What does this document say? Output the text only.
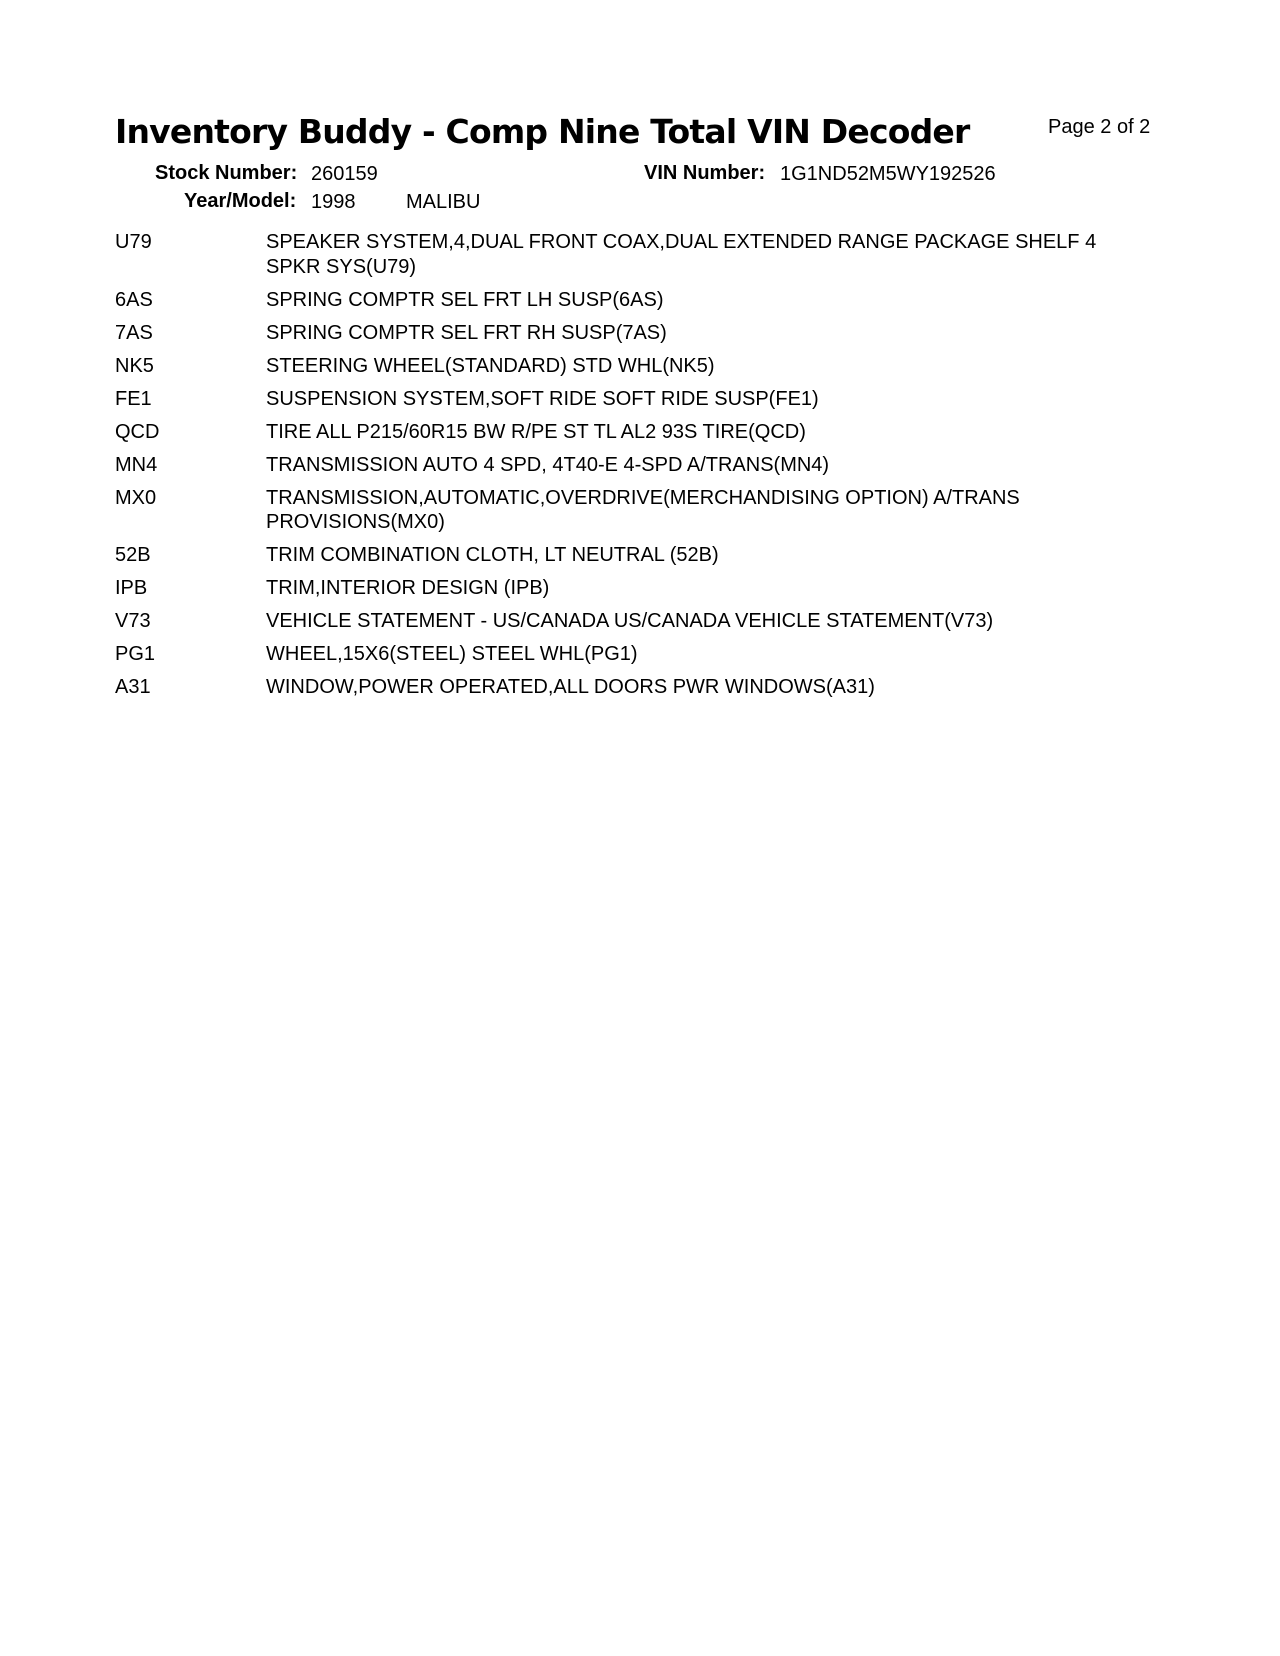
Inventory Buddy - Comp Nine Total VIN Decoder	Page 2 of 2
Stock Number: 260159	VIN Number: 1G1ND52M5WY192526
Year/Model: 1998	MALIBU
U79	SPEAKER SYSTEM,4,DUAL FRONT COAX,DUAL EXTENDED RANGE PACKAGE SHELF 4 SPKR SYS(U79)
6AS	SPRING COMPTR SEL FRT LH SUSP(6AS)
7AS	SPRING COMPTR SEL FRT RH SUSP(7AS)
NK5	STEERING WHEEL(STANDARD) STD WHL(NK5)
FE1	SUSPENSION SYSTEM,SOFT RIDE SOFT RIDE SUSP(FE1)
QCD	TIRE ALL P215/60R15 BW R/PE ST TL AL2 93S TIRE(QCD)
MN4	TRANSMISSION AUTO 4 SPD, 4T40-E 4-SPD A/TRANS(MN4)
MX0	TRANSMISSION,AUTOMATIC,OVERDRIVE(MERCHANDISING OPTION) A/TRANS PROVISIONS(MX0)
52B	TRIM COMBINATION CLOTH, LT NEUTRAL (52B)
IPB	TRIM,INTERIOR DESIGN (IPB)
V73	VEHICLE STATEMENT - US/CANADA US/CANADA VEHICLE STATEMENT(V73)
PG1	WHEEL,15X6(STEEL) STEEL WHL(PG1)
A31	WINDOW,POWER OPERATED,ALL DOORS PWR WINDOWS(A31)
